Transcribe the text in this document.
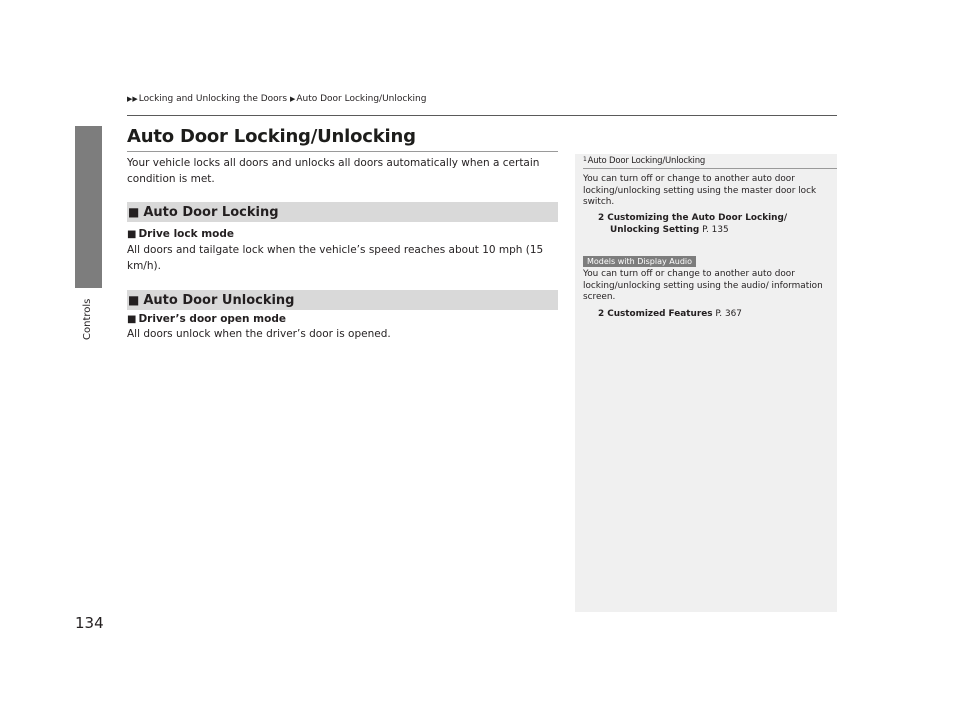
Controls
134
▶▶Locking and Unlocking the Doors ▶Auto Door Locking/Unlocking
Auto Door Locking/Unlocking
Your vehicle locks all doors and unlocks all doors automatically when a certain condition is met.
■ Auto Door Locking
■ Drive lock mode
All doors and tailgate lock when the vehicle’s speed reaches about 10 mph (15 km/h).
■ Auto Door Unlocking
■ Driver’s door open mode
All doors unlock when the driver’s door is opened.
$^1$Auto Door Locking/Unlocking
You can turn off or change to another auto door locking/unlocking setting using the master door lock switch.
2 Customizing the Auto Door Locking/
Unlocking Setting P. 135
Models with Display Audio
You can turn off or change to another auto door locking/unlocking setting using the audio/ information screen.
2 Customized Features P. 367
